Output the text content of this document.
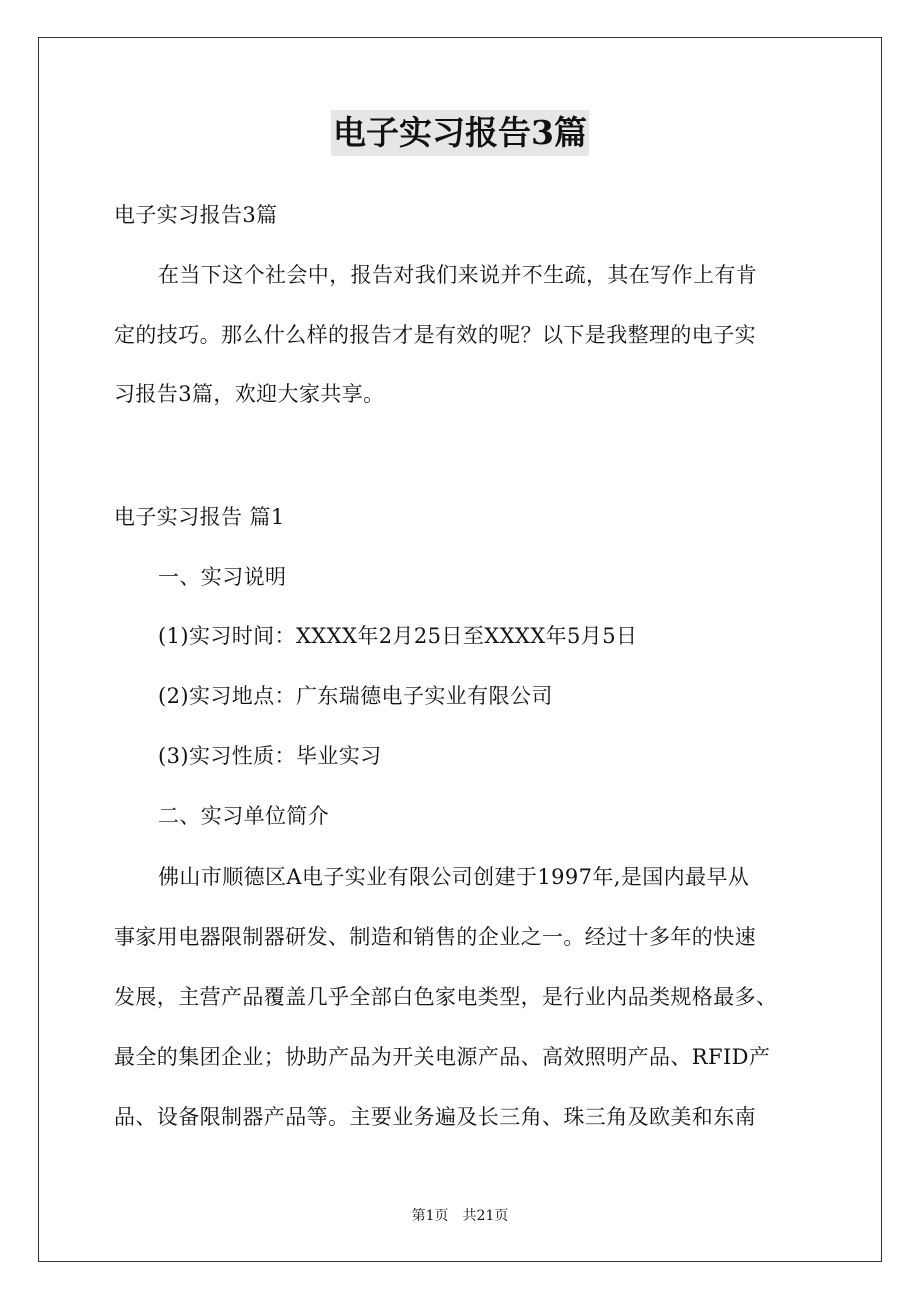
电子实习报告3篇
电子实习报告3篇
在当下这个社会中，报告对我们来说并不生疏，其在写作上有肯
定的技巧。那么什么样的报告才是有效的呢？以下是我整理的电子实
习报告3篇，欢迎大家共享。
电子实习报告 篇1
一、实习说明
(1)实习时间：XXXX年2月25日至XXXX年5月5日
(2)实习地点：广东瑞德电子实业有限公司
(3)实习性质：毕业实习
二、实习单位简介
佛山市顺德区A电子实业有限公司创建于1997年,是国内最早从
事家用电器限制器研发、制造和销售的企业之一。经过十多年的快速
发展，主营产品覆盖几乎全部白色家电类型，是行业内品类规格最多、
最全的集团企业；协助产品为开关电源产品、高效照明产品、RFID产
品、设备限制器产品等。主要业务遍及长三角、珠三角及欧美和东南
第1页 共21页
